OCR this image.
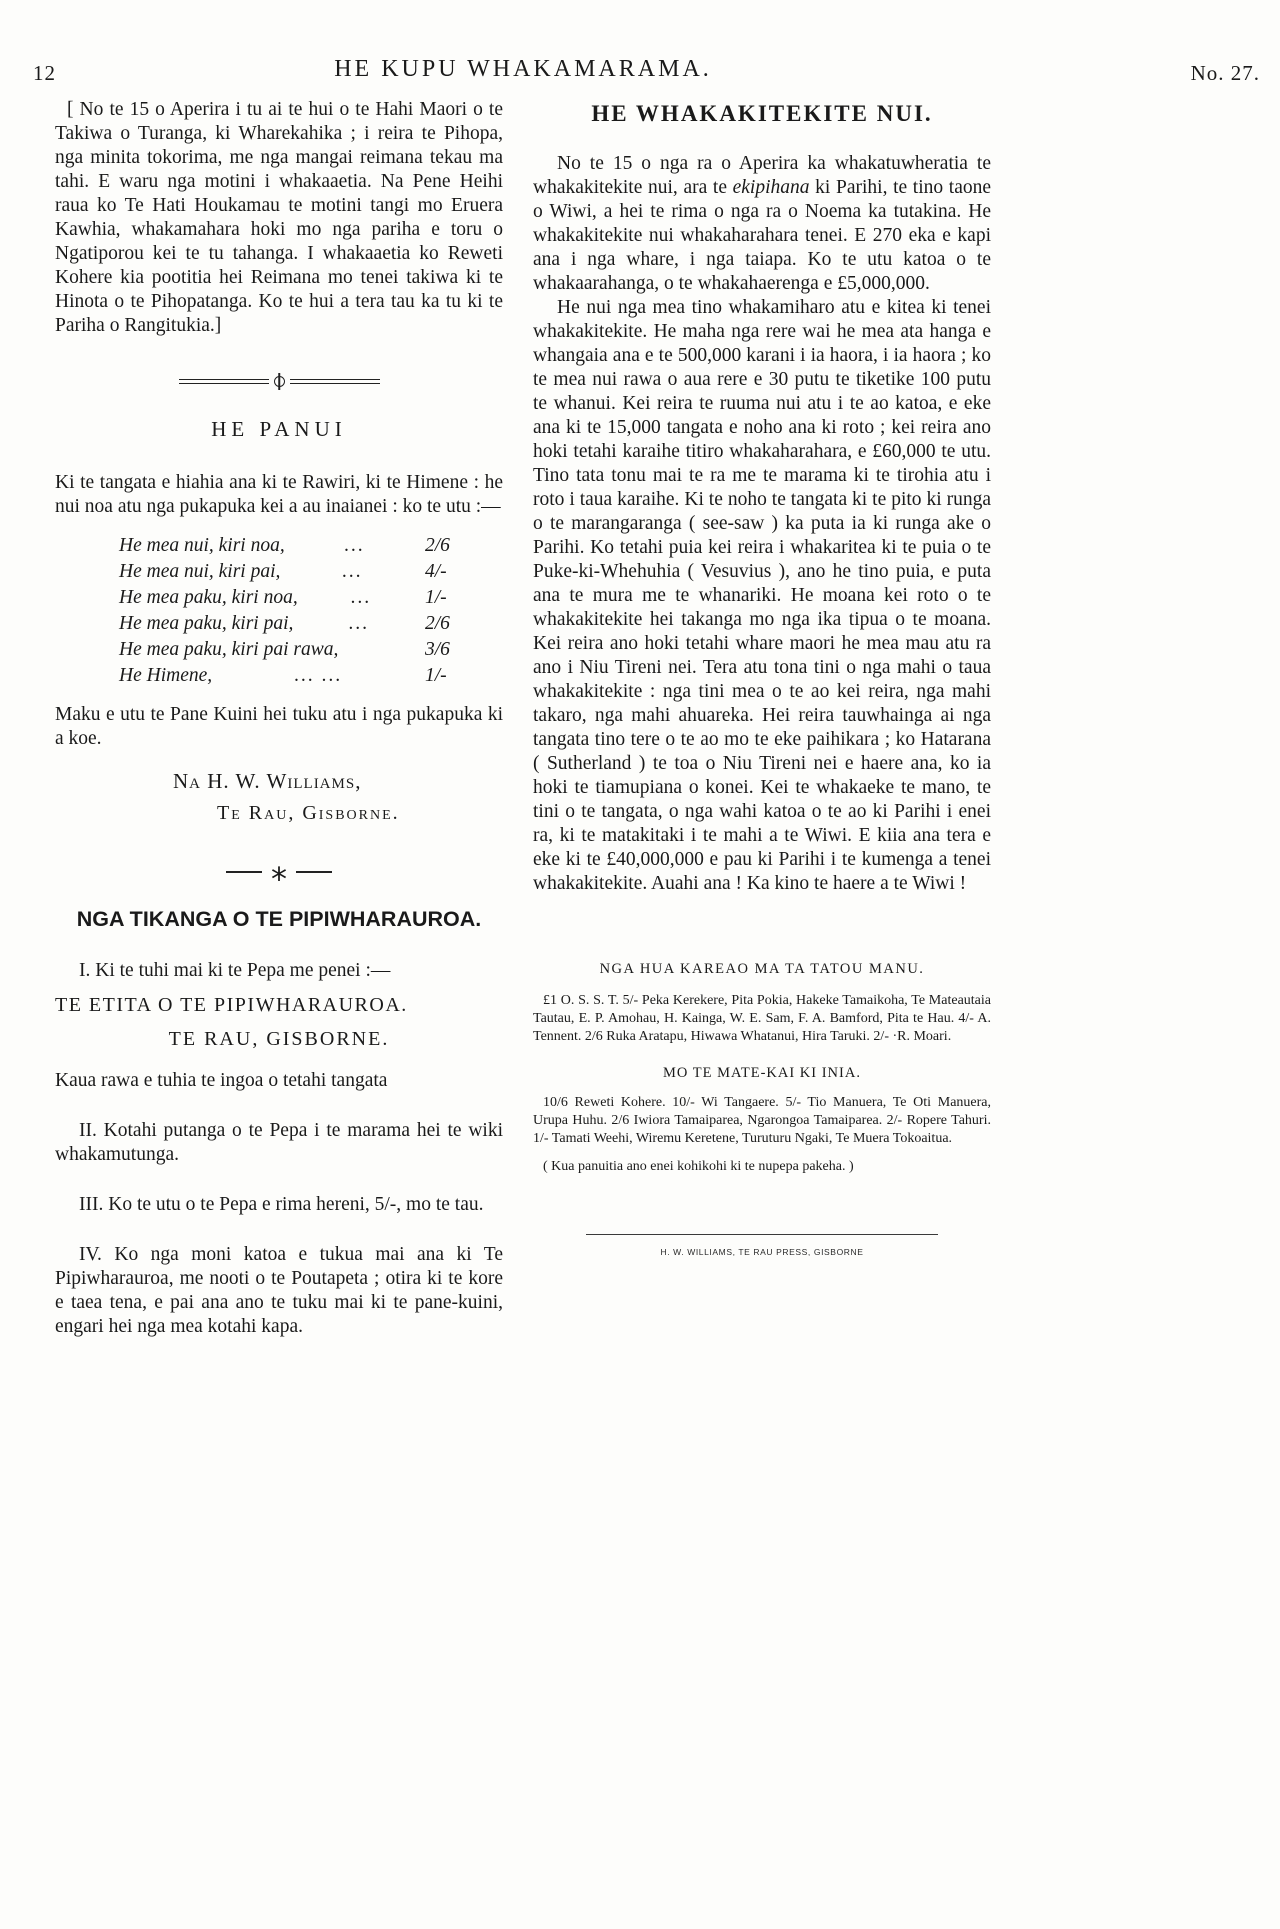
12	HE KUPU WHAKAMARAMA.	No. 27.

[ No te 15 o Aperira i tu ai te hui o te Hahi Maori o te Takiwa o Turanga, ki Wharekahika ; i reira te Pihopa, nga minita tokorima, me nga mangai reimana tekau ma tahi. E waru nga motini i whakaaetia. Na Pene Heihi raua ko Te Hati Houkamau te motini tangi mo Eruera Kawhia, whakamahara hoki mo nga pariha e toru o Ngatiporou kei te tu tahanga. I whakaaetia ko Reweti Kohere kia pootitia hei Reimana mo tenei takiwa ki te Hinota o te Pihopatanga. Ko te hui a tera tau ka tu ki te Pariha o Rangitukia.]

HE PANUI

Ki te tangata e hiahia ana ki te Rawiri, ki te Himene : he nui noa atu nga pukapuka kei a au inaianei : ko te utu :—

He mea nui, kiri noa,	...	2/6
He mea nui, kiri pai,	...	4/-
He mea paku, kiri noa,	...	1/-
He mea paku, kiri pai,	...	2/6
He mea paku, kiri pai rawa,	3/6
He Himene,	... ...	1/-

Maku e utu te Pane Kuini hei tuku atu i nga pukapuka ki a koe.

Na H. W. Williams,
Te Rau, Gisborne.
*
NGA TIKANGA O TE PIPIWHARAUROA.

I. Ki te tuhi mai ki te Pepa me penei :—

TE ETITA O TE PIPIWHARAUROA.

TE RAU, GISBORNE.

Kaua rawa e tuhia te ingoa o tetahi tangata

II. Kotahi putanga o te Pepa i te marama hei te wiki whakamutunga.

III. Ko te utu o te Pepa e rima hereni, 5/-, mo te tau.

IV. Ko nga moni katoa e tukua mai ana ki Te Pipiwharauroa, me nooti o te Poutapeta ; otira ki te kore e taea tena, e pai ana ano te tuku mai ki te pane-kuini, engari hei nga mea kotahi kapa.

HE WHAKAKITEKITE NUI.

No te 15 o nga ra o Aperira ka whakatuwheratia te whakakitekite nui, ara te ekipihana ki Parihi, te tino taone o Wiwi, a hei te rima o nga ra o Noema ka tutakina. He whakakitekite nui whakaharahara tenei. E 270 eka e kapi ana i nga whare, i nga taiapa. Ko te utu katoa o te whakaarahanga, o te whakahaerenga e £5,000,000.

He nui nga mea tino whakamiharo atu e kitea ki tenei whakakitekite. He maha nga rere wai he mea ata hanga e whangaia ana e te 500,000 karani i ia haora, i ia haora ; ko te mea nui rawa o aua rere e 30 putu te tiketike 100 putu te whanui. Kei reira te ruuma nui atu i te ao katoa, e eke ana ki te 15,000 tangata e noho ana ki roto ; kei reira ano hoki tetahi karaihe titiro whakaharahara, e £60,000 te utu. Tino tata tonu mai te ra me te marama ki te tirohia atu i roto i taua karaihe. Ki te noho te tangata ki te pito ki runga o te marangaranga ( see-saw ) ka puta ia ki runga ake o Parihi. Ko tetahi puia kei reira i whakaritea ki te puia o te Puke-ki-Whehuhia ( Vesuvius ), ano he tino puia, e puta ana te mura me te whanariki. He moana kei roto o te whakakitekite hei takanga mo nga ika tipua o te moana. Kei reira ano hoki tetahi whare maori he mea mau atu ra ano i Niu Tireni nei. Tera atu tona tini o nga mahi o taua whakakitekite : nga tini mea o te ao kei reira, nga mahi takaro, nga mahi ahuareka. Hei reira tauwhainga ai nga tangata tino tere o te ao mo te eke paihikara ; ko Hatarana ( Sutherland ) te toa o Niu Tireni nei e haere ana, ko ia hoki te tiamupiana o konei. Kei te whakaeke te mano, te tini o te tangata, o nga wahi katoa o te ao ki Parihi i enei ra, ki te matakitaki i te mahi a te Wiwi. E kiia ana tera e eke ki te £40,000,000 e pau ki Parihi i te kumenga a tenei whakakitekite. Auahi ana ! Ka kino te haere a te Wiwi !

NGA HUA KAREAO MA TA TATOU MANU.

£1 O. S. S. T. 5/- Peka Kerekere, Pita Pokia, Hakeke Tamaikoha, Te Mateautaia Tautau, E. P. Amohau, H. Kainga, W. E. Sam, F. A. Bamford, Pita te Hau. 4/- A. Tennent. 2/6 Ruka Aratapu, Hiwawa Whatanui, Hira Taruki. 2/- ·R. Moari.

MO TE MATE-KAI KI INIA.

10/6 Reweti Kohere. 10/- Wi Tangaere. 5/- Tio Manuera, Te Oti Manuera, Urupa Huhu. 2/6 Iwiora Tamaiparea, Ngarongoa Tamaiparea. 2/- Ropere Tahuri. 1/- Tamati Weehi, Wiremu Keretene, Turuturu Ngaki, Te Muera Tokoaitua.

( Kua panuitia ano enei kohikohi ki te nupepa pakeha. )

H. W. WILLIAMS, TE RAU PRESS, GISBORNE
